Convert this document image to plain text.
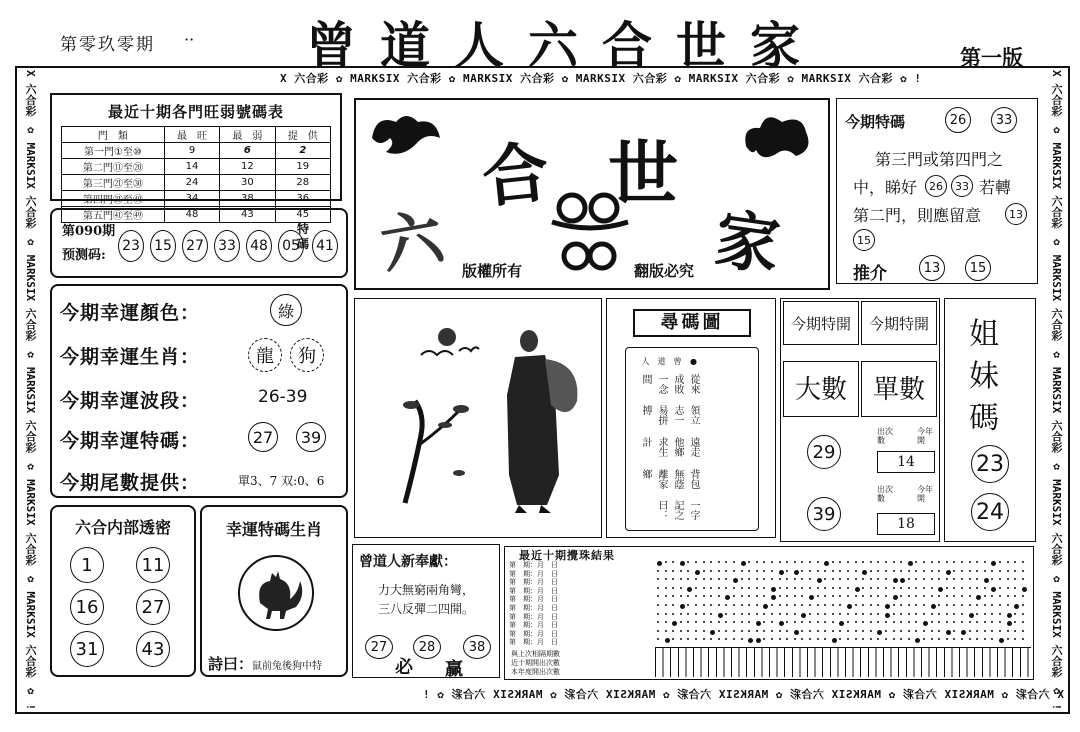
第零玖零期 ··	曾道人六合世家	第一版
X 六合彩 ✿ MARKSIX 六合彩 ✿ MARKSIX 六合彩 ✿ MARKSIX 六合彩 ✿ MARKSIX 六合彩 ✿ MARKSIX 六合彩 ✿ !
X 六合彩 ✿ MARKSIX 六合彩 ✿ MARKSIX 六合彩 ✿ MARKSIX 六合彩 ✿ MARKSIX 六合彩 ✿ MARKSIX 六合彩 ✿ !
X 六合彩 ✿ MARKSIX 六合彩 ✿ MARKSIX 六合彩 ✿ MARKSIX 六合彩 ✿ MARKSIX 六合彩 ✿ MARKSIX 六合彩 ✿ !	X 六合彩 ✿ MARKSIX 六合彩 ✿ MARKSIX 六合彩 ✿ MARKSIX 六合彩 ✿ MARKSIX 六合彩 ✿ MARKSIX 六合彩 ✿ !
最近十期各門旺弱號碼表
門　類	最　旺	最　弱	提　供
第一門①至⑩	9	6	2
第二門⑪至⑳	14	12	19
第三門㉑至㉚	24	30	28
第四門㉛至㊵	34	38	36
第五門㊶至㊾	48	43	45
第090期
预测码:
23 15 27 33 48 05
特碼 41
今期幸運顏色：	綠
今期幸運生肖：	龍	狗
今期幸運波段：	26-39
今期幸運特碼：	27	39
今期尾數提供：	單3、7 双:0、6
六合内部透密
1	11
16	27
31	43
幸運特碼生肖
詩曰：
鼠前兔後狗中特
曾道人新奉獻：
力大無窮兩角彎，
三八反彈二四開。
27	28	38
必 赢
六
合 世
家
版權所有	翻版必究
今期特碼	26	33
第三門或第四門之
中，睇好	26	33 若轉
第二門，則應留意	13
15
推介	13	15
尋碼圖
一字記之曰：
背包無蔭離家鄉
遠走他鄉求生計
領立志一易拼搏
從來成敗一念間
●曾道人
今期特開	今期特開
大數 單數
29
39
出次數
今年開
14
出次數
今年開
18
姐
妹
碼
23
24
最近十期攪珠結果
第　期：月　日
第　期：月　日
第　期：月　日
第　期：月　日
第　期：月　日
第　期：月　日
第　期：月　日
第　期：月　日
第　期：月　日
第　期：月　日
與上次相隔期數
近十期開出次數
本年度開出次數
